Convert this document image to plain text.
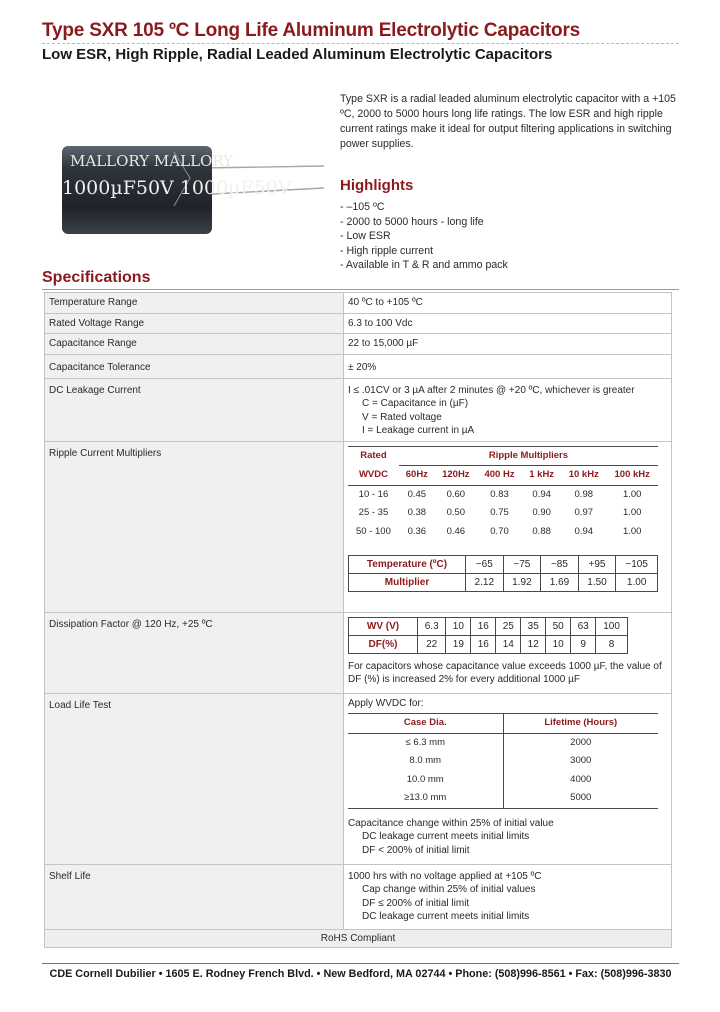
Type SXR 105 ºC Long Life Aluminum Electrolytic Capacitors
Low ESR, High Ripple, Radial Leaded Aluminum Electrolytic Capacitors
MALLORY MALLORY
1000µF50V 1000µF50V
Type SXR is a radial leaded aluminum electrolytic capacitor with a +105 ºC, 2000 to 5000 hours long life ratings. The low ESR and high ripple current ratings make it ideal for output filtering applications in switching power supplies.
Highlights
- –105 ºC
- 2000 to 5000 hours - long life
- Low ESR
- High ripple current
- Available in T & R and ammo pack
Specifications
Temperature Range	40 ºC to +105 ºC
Rated Voltage Range	6.3 to 100 Vdc
Capacitance Range	22 to 15,000 µF
Capacitance Tolerance	± 20%
DC Leakage Current	I ≤ .01CV or 3 µA after 2 minutes @ +20 ºC, whichever is greater
C = Capacitance in (µF)
V = Rated voltage
I = Leakage current in µA

Ripple Current Multipliers		Rated	Ripple Multipliers
WVDC	60Hz	120Hz	400 Hz	1 kHz	10 kHz	100 kHz
10 - 16	0.45	0.60	0.83	0.94	0.98	1.00
25 - 35	0.38	0.50	0.75	0.90	0.97	1.00
50 - 100	0.36	0.46	0.70	0.88	0.94	1.00
Temperature (ºC)	−65	−75	−85	+95	−105
Multiplier	2.12	1.92	1.69	1.50	1.00

Dissipation Factor @ 120 Hz, +25 ºC		WV (V)	6.3	10	16	25	35	50	63	100
DF(%)	22	19	16	14	12	10	9	8
For capacitors whose capacitance value exceeds 1000 µF, the value of DF (%) is increased 2% for every additional 1000 µF

Load Life Test	Apply WVDC for:
Case Dia.	Lifetime (Hours)
≤ 6.3 mm	2000
8.0 mm	3000
10.0 mm	4000
≥13.0 mm	5000
Capacitance change within 25% of initial value
DC leakage current meets initial limits
DF < 200% of initial limit

Shelf Life	1000 hrs with no voltage applied at +105 ºC
Cap change within 25% of initial values
DF ≤ 200% of initial limit
DC leakage current meets initial limits

RoHS Compliant
CDE Cornell Dubilier • 1605 E. Rodney French Blvd. • New Bedford, MA 02744 • Phone: (508)996-8561 • Fax: (508)996-3830
